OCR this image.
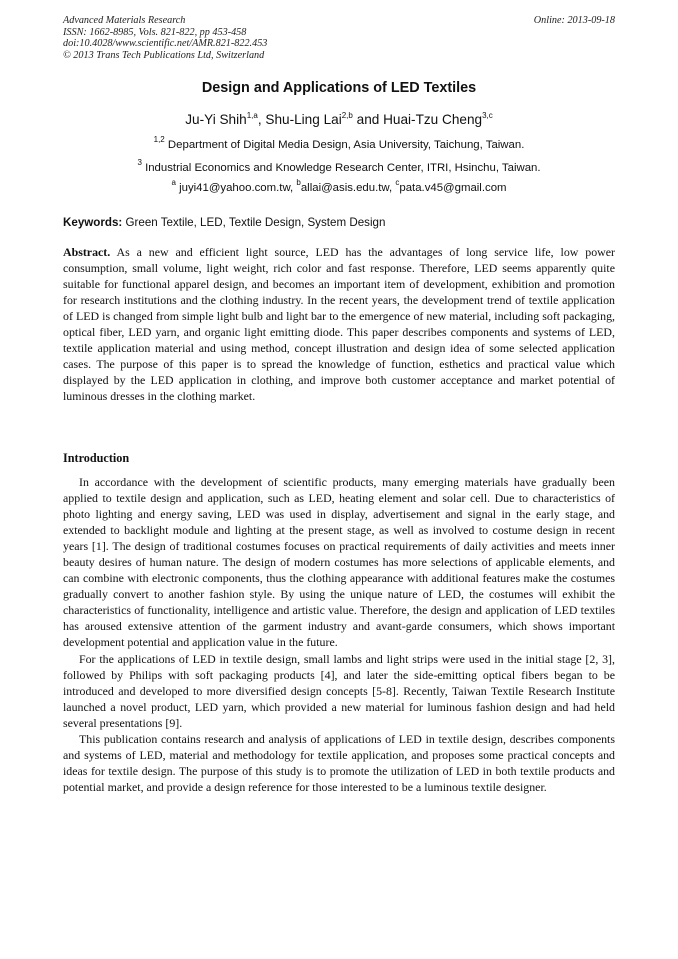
Advanced Materials Research
ISSN: 1662-8985, Vols. 821-822, pp 453-458
doi:10.4028/www.scientific.net/AMR.821-822.453
© 2013 Trans Tech Publications Ltd, Switzerland
Online: 2013-09-18
Design and Applications of LED Textiles
Ju-Yi Shih$^{1,a}$, Shu-Ling Lai$^{2,b}$ and Huai-Tzu Cheng$^{3,c}$
$^{1,2}$ Department of Digital Media Design, Asia University, Taichung, Taiwan.
$^3$ Industrial Economics and Knowledge Research Center, ITRI, Hsinchu, Taiwan.
$^a$ juyi41@yahoo.com.tw, $^b$allai@asis.edu.tw, $^c$pata.v45@gmail.com
Keywords: Green Textile, LED, Textile Design, System Design
Abstract. As a new and efficient light source, LED has the advantages of long service life, low power consumption, small volume, light weight, rich color and fast response. Therefore, LED seems apparently quite suitable for functional apparel design, and becomes an important item of development, exhibition and promotion for research institutions and the clothing industry. In the recent years, the development trend of textile application of LED is changed from simple light bulb and light bar to the emergence of new material, including soft packaging, optical fiber, LED yarn, and organic light emitting diode. This paper describes components and systems of LED, textile application material and using method, concept illustration and design idea of some selected application cases. The purpose of this paper is to spread the knowledge of function, esthetics and practical value which displayed by the LED application in clothing, and improve both customer acceptance and market potential of luminous dresses in the clothing market.
Introduction

In accordance with the development of scientific products, many emerging materials have gradually been applied to textile design and application, such as LED, heating element and solar cell. Due to characteristics of photo lighting and energy saving, LED was used in display, advertisement and signal in the early stage, and extended to backlight module and lighting at the present stage, as well as involved to costume design in recent years [1]. The design of traditional costumes focuses on practical requirements of daily activities and meets inner beauty desires of human nature. The design of modern costumes has more selections of applicable elements, and can combine with electronic components, thus the clothing appearance with additional features make the costumes gradually convert to another fashion style. By using the unique nature of LED, the costumes will exhibit the characteristics of functionality, intelligence and artistic value. Therefore, the design and application of LED textiles has aroused extensive attention of the garment industry and avant-garde consumers, which shows important development potential and application value in the future.

For the applications of LED in textile design, small lambs and light strips were used in the initial stage [2, 3], followed by Philips with soft packaging products [4], and later the side-emitting optical fibers began to be introduced and developed to more diversified design concepts [5-8]. Recently, Taiwan Textile Research Institute launched a novel product, LED yarn, which provided a new material for luminous fashion design and had held several presentations [9].

This publication contains research and analysis of applications of LED in textile design, describes components and systems of LED, material and methodology for textile application, and proposes some practical concepts and ideas for textile design. The purpose of this study is to promote the utilization of LED in both textile products and potential market, and provide a design reference for those interested to be a luminous textile designer.
